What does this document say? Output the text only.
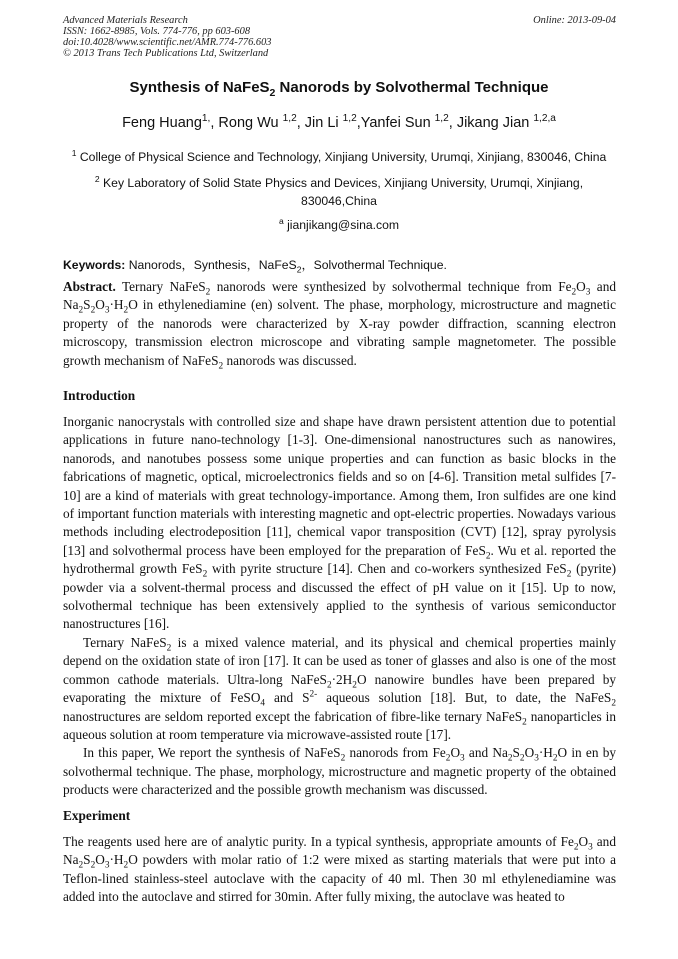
Advanced Materials Research
ISSN: 1662-8985, Vols. 774-776, pp 603-608
doi:10.4028/www.scientific.net/AMR.774-776.603
© 2013 Trans Tech Publications Ltd, Switzerland
Online: 2013-09-04
Synthesis of NaFeS$_2$ Nanorods by Solvothermal Technique
Feng Huang$^{1,}$, Rong Wu $^{1,2}$, Jin Li $^{1,2}$,Yanfei Sun $^{1,2}$, Jikang Jian $^{1,2,a}$
$^1$ College of Physical Science and Technology, Xinjiang University, Urumqi, Xinjiang, 830046, China
$^2$ Key Laboratory of Solid State Physics and Devices, Xinjiang University, Urumqi, Xinjiang,
830046,China
$^a$ jianjikang@sina.com
Keywords: Nanorods，Synthesis，NaFeS$_2$，Solvothermal Technique.
Abstract. Ternary NaFeS$_2$ nanorods were synthesized by solvothermal technique from $Fe_2O_3$ and $Na_2S_2O_3\cdot H_2O$ in ethylenediamine (en) solvent. The phase, morphology, microstructure and magnetic property of the nanorods were characterized by X-ray powder diffraction, scanning electron microscopy, transmission electron microscope and vibrating sample magnetometer. The possible growth mechanism of NaFeS$_2$ nanorods was discussed.
Introduction

Inorganic nanocrystals with controlled size and shape have drawn persistent attention due to potential applications in future nano-technology [1-3]. One-dimensional nanostructures such as nanowires, nanorods, and nanotubes possess some unique properties and can function as basic blocks in the fabrications of magnetic, optical, microelectronics fields and so on [4-6]. Transition metal sulfides [7-10] are a kind of materials with great technology-importance. Among them, Iron sulfides are one kind of important function materials with interesting magnetic and opt-electric properties. Nowadays various methods including electrodeposition [11], chemical vapor transposition (CVT) [12], spray pyrolysis [13] and solvothermal process have been employed for the preparation of FeS$_2$. Wu et al. reported the hydrothermal growth FeS$_2$ with pyrite structure [14]. Chen and co-workers synthesized FeS$_2$ (pyrite) powder via a solvent-thermal process and discussed the effect of pH value on it [15]. Up to now, solvothermal technique has been extensively applied to the synthesis of various semiconductor nanostructures [16].

Ternary NaFeS$_2$ is a mixed valence material, and its physical and chemical properties mainly depend on the oxidation state of iron [17]. It can be used as toner of glasses and also is one of the most common cathode materials. Ultra-long $NaFeS_2\cdot 2H_2O$ nanowire bundles have been prepared by evaporating the mixture of FeSO$_4$ and $S^{2-}$ aqueous solution [18]. But, to date, the NaFeS$_2$ nanostructures are seldom reported except the fabrication of fibre-like ternary NaFeS$_2$ nanoparticles in aqueous solution at room temperature via microwave-assisted route [17].

In this paper, We report the synthesis of NaFeS$_2$ nanorods from $Fe_2O_3$ and $Na_2S_2O_3\cdot H_2O$ in en by solvothermal technique. The phase, morphology, microstructure and magnetic property of the obtained products were characterized and the possible growth mechanism was discussed.

Experiment
The reagents used here are of analytic purity. In a typical synthesis, appropriate amounts of $Fe_2O_3$ and $Na_2S_2O_3\cdot H_2O$ powders with molar ratio of 1:2 were mixed as starting materials that were put into a Teflon-lined stainless-steel autoclave with the capacity of 40 ml. Then 30 ml ethylenediamine was added into the autoclave and stirred for 30min. After fully mixing, the autoclave was heated to
